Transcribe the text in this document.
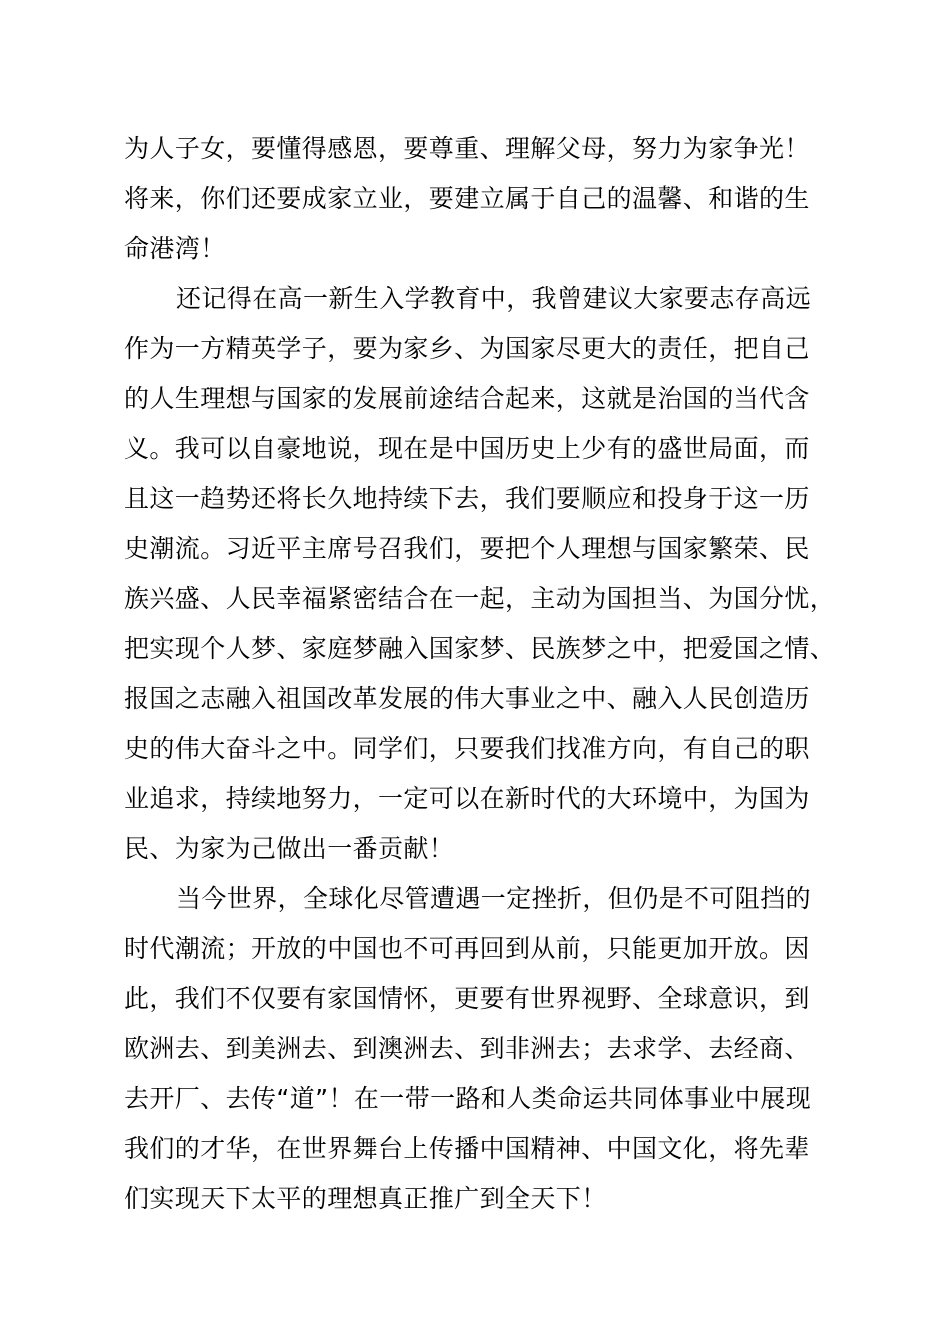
为人子女，要懂得感恩，要尊重、理解父母，努力为家争光！
将来，你们还要成家立业，要建立属于自己的温馨、和谐的生
命港湾！
还记得在高一新生入学教育中，我曾建议大家要志存高远
作为一方精英学子，要为家乡、为国家尽更大的责任，把自己
的人生理想与国家的发展前途结合起来，这就是治国的当代含
义。我可以自豪地说，现在是中国历史上少有的盛世局面，而
且这一趋势还将长久地持续下去，我们要顺应和投身于这一历
史潮流。习近平主席号召我们，要把个人理想与国家繁荣、民
族兴盛、人民幸福紧密结合在一起，主动为国担当、为国分忧，
把实现个人梦、家庭梦融入国家梦、民族梦之中，把爱国之情、
报国之志融入祖国改革发展的伟大事业之中、融入人民创造历
史的伟大奋斗之中。同学们，只要我们找准方向，有自己的职
业追求，持续地努力，一定可以在新时代的大环境中，为国为
民、为家为己做出一番贡献！
当今世界，全球化尽管遭遇一定挫折，但仍是不可阻挡的
时代潮流；开放的中国也不可再回到从前，只能更加开放。因
此，我们不仅要有家国情怀，更要有世界视野、全球意识，到
欧洲去、到美洲去、到澳洲去、到非洲去；去求学、去经商、
去开厂、去传“道”！在一带一路和人类命运共同体事业中展现
我们的才华，在世界舞台上传播中国精神、中国文化，将先辈
们实现天下太平的理想真正推广到全天下！
